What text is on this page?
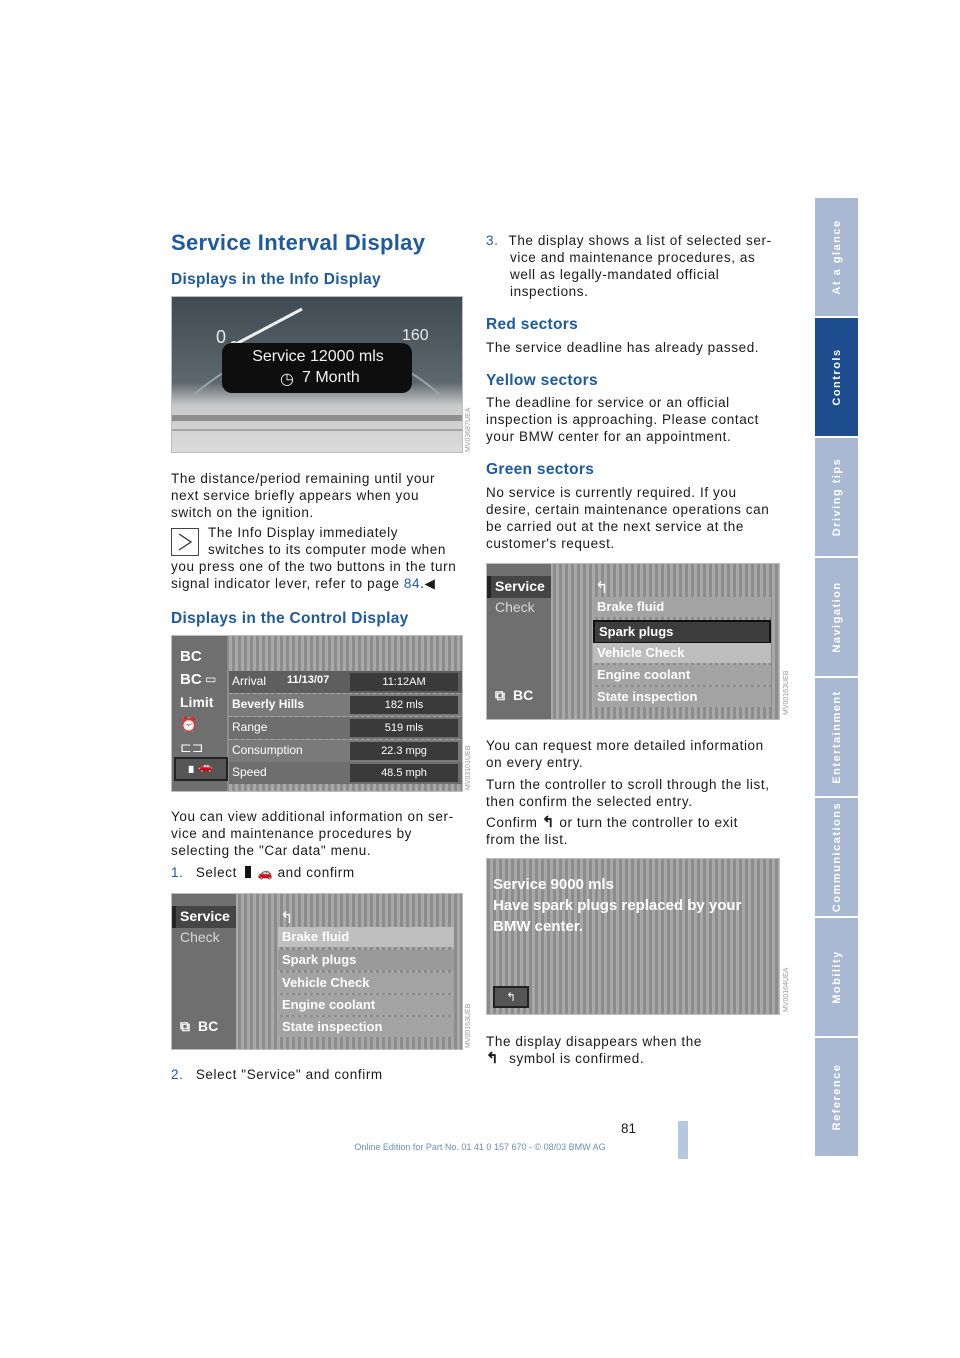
At a glance
Controls
Driving tips
Navigation
Entertainment
Communications
Mobility
Reference
Service Interval Display
Displays in the Info Display
0	160
Service 12000 mls
◷ 7 Month
MV03687UEA
The distance/period remaining until your
next service briefly appears when you
switch on the ignition.
The Info Display immediately
switches to its computer mode when
you press one of the two buttons in the turn
signal indicator lever, refer to page 84.◀
Displays in the Control Display
BC
BC ▭
Limit
⏰
⊏⊐
▖🚗
Arrival 11/13/07	11:12AM
Beverly Hills	182 mls
Range	519 mls
Consumption	22.3 mpg
Speed	48.5 mph	MV03101UEB
You can view additional information on ser-
vice and maintenance procedures by
selecting the "Car data" menu.
1. Select 🚗 and confirm
Service
Check
⧉ BC
↰
Brake fluid
Spark plugs
Vehicle Check
Engine coolant
State inspection	MV00163UEB
2. Select "Service" and confirm
3. The display shows a list of selected ser-
vice and maintenance procedures, as
well as legally-mandated official
inspections.
Red sectors
The service deadline has already passed.
Yellow sectors
The deadline for service or an official
inspection is approaching. Please contact
your BMW center for an appointment.
Green sectors
No service is currently required. If you
desire, certain maintenance operations can
be carried out at the next service at the
customer's request.
Service
Check
⧉ BC
↰
Brake fluid
Spark plugs
Vehicle Check
Engine coolant
State inspection	MV00163UEB
You can request more detailed information
on every entry.
Turn the controller to scroll through the list,
then confirm the selected entry.
Confirm ↰ or turn the controller to exit
from the list.
Service 9000 mls
Have spark plugs replaced by your
BMW center.
↰	MV00164UEA
The display disappears when the
↰ symbol is confirmed.
81
Online Edition for Part No. 01 41 0 157 670 - © 08/03 BMW AG
